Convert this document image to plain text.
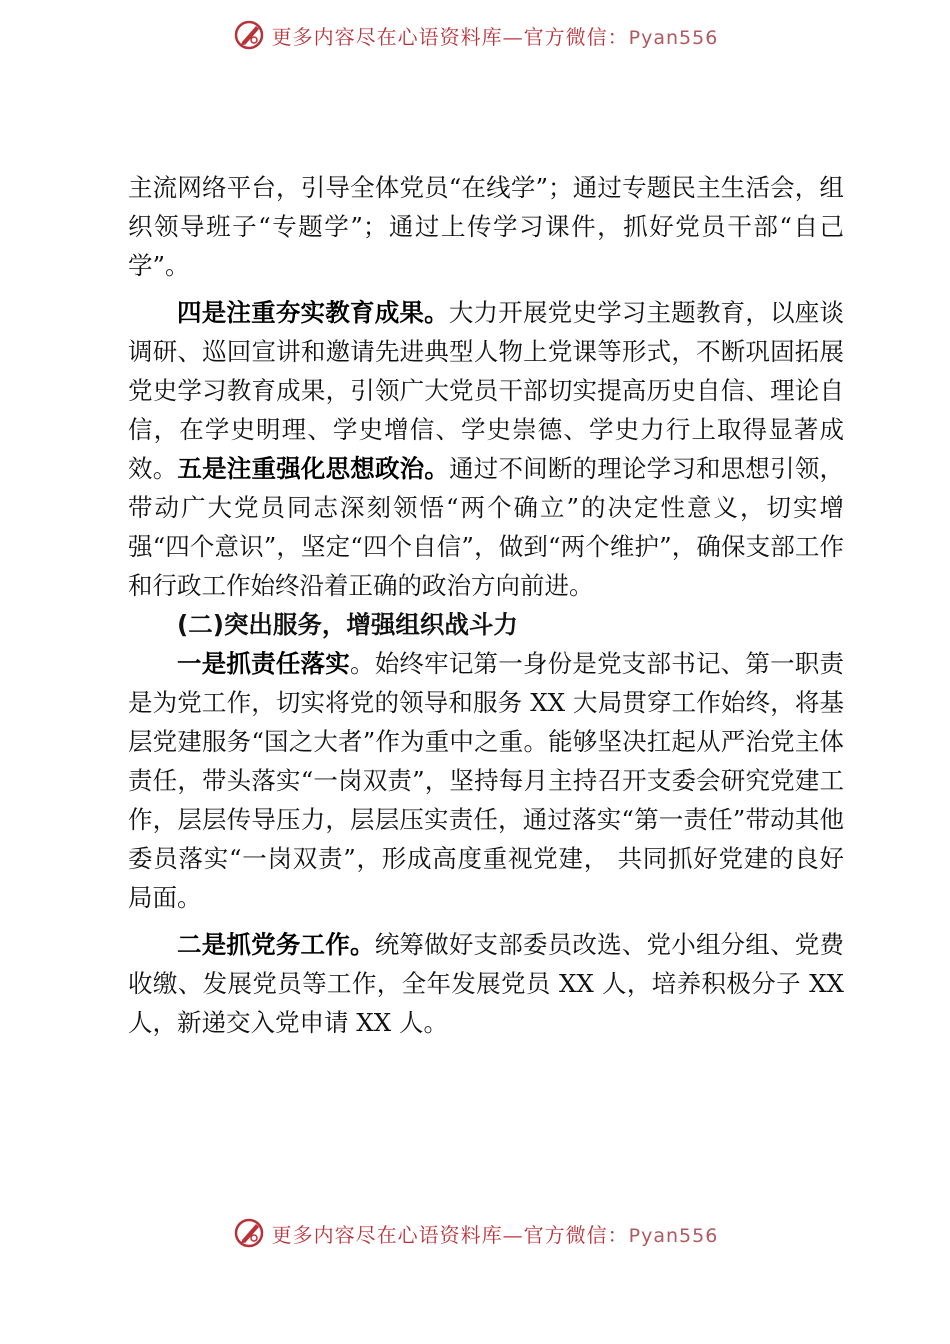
更多内容尽在心语资料库—官方微信：Pyan556

主流网络平台，引导全体党员“在线学”；通过专题民主生活会，组织领导班子“专题学”；通过上传学习课件，抓好党员干部“自己学”。

四是注重夯实教育成果。大力开展党史学习主题教育，以座谈调研、巡回宣讲和邀请先进典型人物上党课等形式，不断巩固拓展党史学习教育成果，引领广大党员干部切实提高历史自信、理论自信，在学史明理、学史增信、学史崇德、学史力行上取得显著成效。五是注重强化思想政治。通过不间断的理论学习和思想引领，带动广大党员同志深刻领悟“两个确立”的决定性意义，切实增强“四个意识”，坚定“四个自信”，做到“两个维护”，确保支部工作和行政工作始终沿着正确的政治方向前进。

(二)突出服务，增强组织战斗力

一是抓责任落实。始终牢记第一身份是党支部书记、第一职责是为党工作，切实将党的领导和服务 XX 大局贯穿工作始终，将基层党建服务“国之大者”作为重中之重。能够坚决扛起从严治党主体责任，带头落实“一岗双责”，坚持每月主持召开支委会研究党建工作，层层传导压力，层层压实责任，通过落实“第一责任”带动其他委员落实“一岗双责”，形成高度重视党建， 共同抓好党建的良好局面。

二是抓党务工作。统筹做好支部委员改选、党小组分组、党费收缴、发展党员等工作，全年发展党员 XX 人，培养积极分子 XX 人，新递交入党申请 XX 人。

更多内容尽在心语资料库—官方微信：Pyan556
